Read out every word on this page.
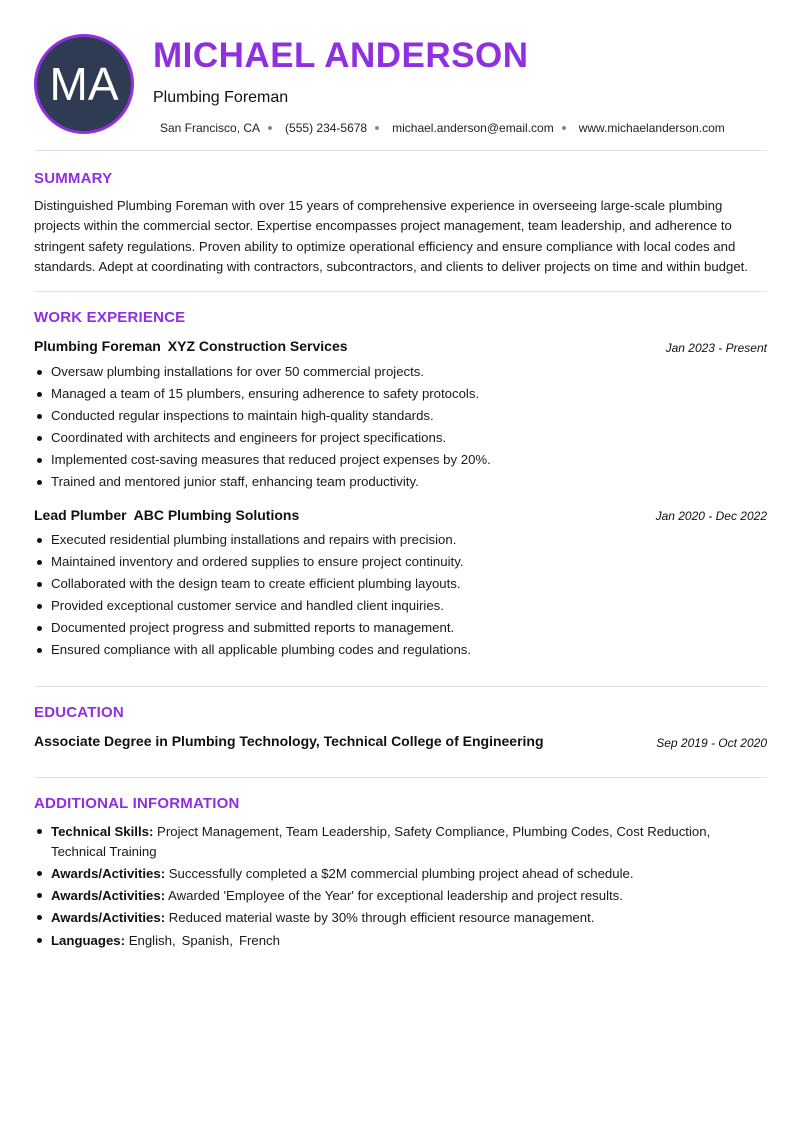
MA
MICHAEL ANDERSON
Plumbing Foreman
San Francisco, CA (555) 234-5678 michael.anderson@email.com www.michaelanderson.com
SUMMARY
Distinguished Plumbing Foreman with over 15 years of comprehensive experience in overseeing large-scale plumbing projects within the commercial sector. Expertise encompasses project management, team leadership, and adherence to stringent safety regulations. Proven ability to optimize operational efficiency and ensure compliance with local codes and standards. Adept at coordinating with contractors, subcontractors, and clients to deliver projects on time and within budget.
WORK EXPERIENCE
Plumbing Foreman XYZ Construction Services	Jan 2023 - Present
Oversaw plumbing installations for over 50 commercial projects.
Managed a team of 15 plumbers, ensuring adherence to safety protocols.
Conducted regular inspections to maintain high-quality standards.
Coordinated with architects and engineers for project specifications.
Implemented cost-saving measures that reduced project expenses by 20%.
Trained and mentored junior staff, enhancing team productivity.
Lead Plumber ABC Plumbing Solutions	Jan 2020 - Dec 2022
Executed residential plumbing installations and repairs with precision.
Maintained inventory and ordered supplies to ensure project continuity.
Collaborated with the design team to create efficient plumbing layouts.
Provided exceptional customer service and handled client inquiries.
Documented project progress and submitted reports to management.
Ensured compliance with all applicable plumbing codes and regulations.
EDUCATION
Associate Degree in Plumbing Technology, Technical College of Engineering	Sep 2019 - Oct 2020
ADDITIONAL INFORMATION
Technical Skills: Project Management, Team Leadership, Safety Compliance, Plumbing Codes, Cost Reduction, Technical Training
Awards/Activities: Successfully completed a $2M commercial plumbing project ahead of schedule.
Awards/Activities: Awarded 'Employee of the Year' for exceptional leadership and project results.
Awards/Activities: Reduced material waste by 30% through efficient resource management.
Languages: English, Spanish, French
